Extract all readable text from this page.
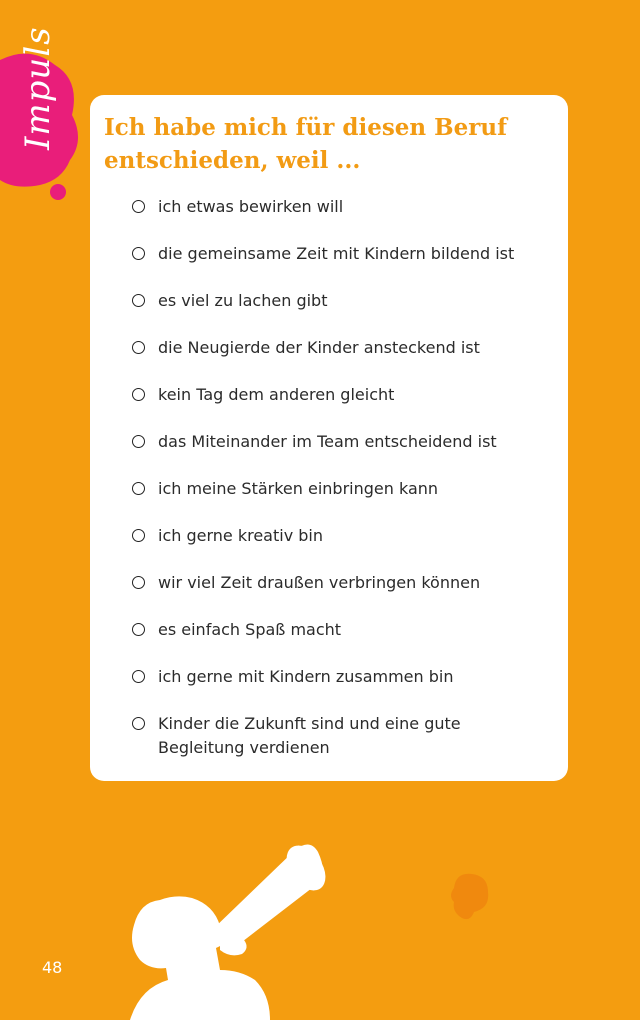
Impuls Ich habe mich für diesen Beruf entschieden, weil ...
ich etwas bewirken will
die gemeinsame Zeit mit Kindern bildend ist
es viel zu lachen gibt
die Neugierde der Kinder ansteckend ist
kein Tag dem anderen gleicht
das Miteinander im Team entscheidend ist
ich meine Stärken einbringen kann
ich gerne kreativ bin
wir viel Zeit draußen verbringen können
es einfach Spaß macht
ich gerne mit Kindern zusammen bin
Kinder die Zukunft sind und eine gute Begleitung verdienen
48
